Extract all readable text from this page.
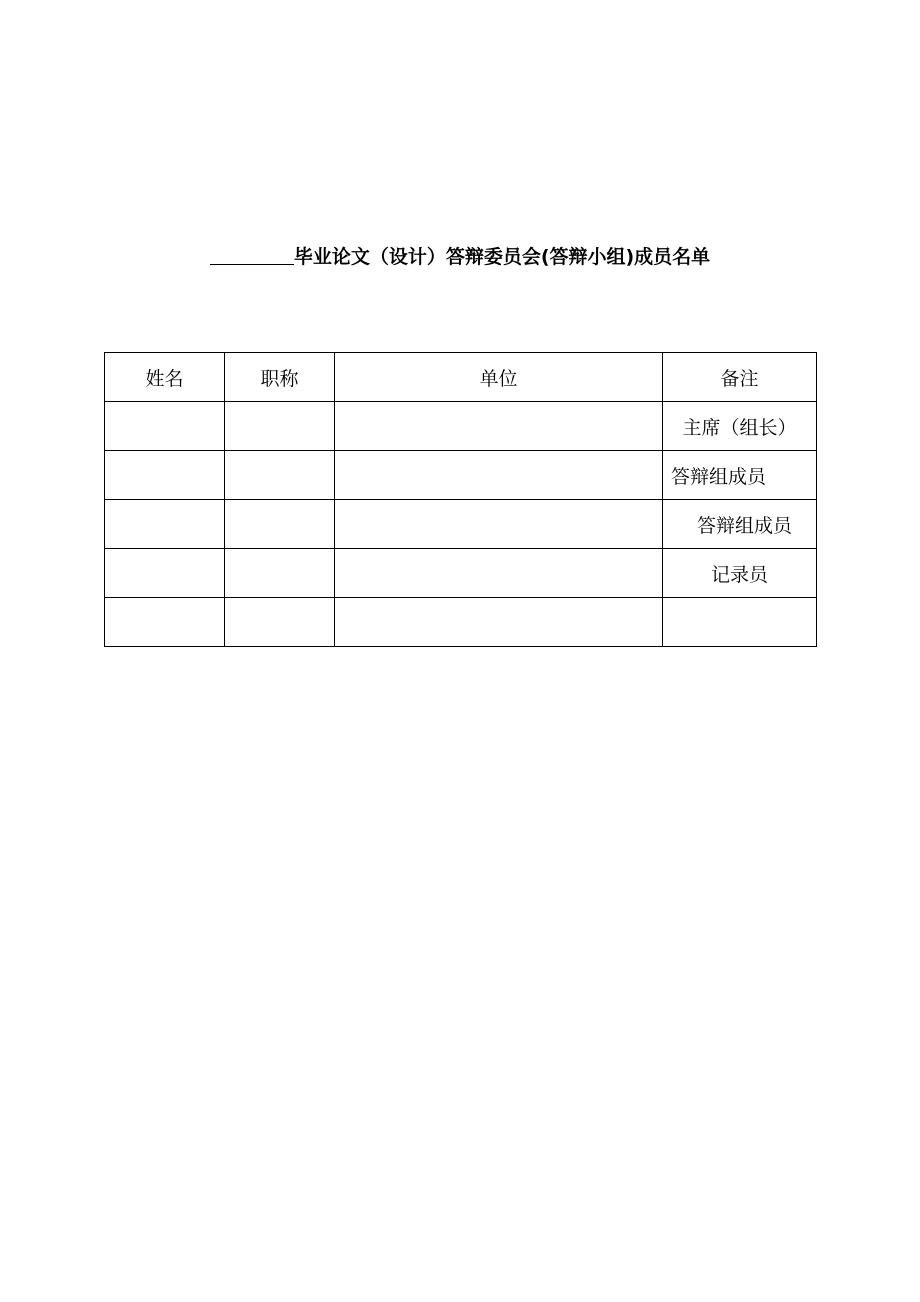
毕业论文（设计）答辩委员会(答辩小组)成员名单
姓名	职称	单位	备注
			主席（组长）
			答辩组成员
			答辩组成员
			记录员
